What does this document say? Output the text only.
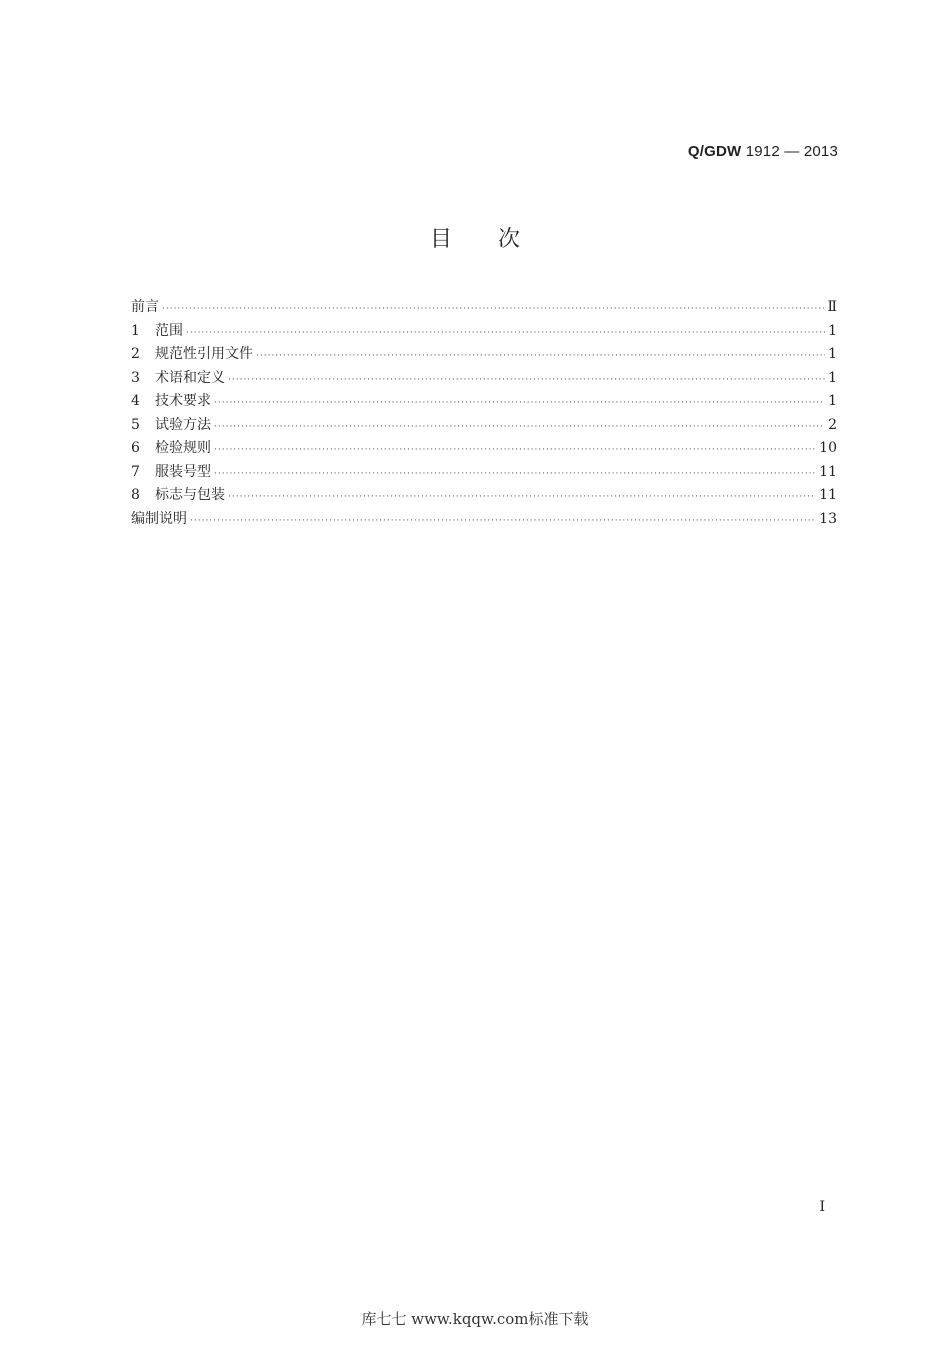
Q/GDW 1912 — 2013
目次
前言 ·····	Ⅱ
1	范围 ·····	1
2	规范性引用文件 ·····	1
3	术语和定义 ·····	1
4	技术要求 ·····	1
5	试验方法 ·····	2
6	检验规则 ·····	10
7	服装号型 ·····	11
8	标志与包装 ·····	11
编制说明 ·····	13
I
库七七 www.kqqw.com标准下载
